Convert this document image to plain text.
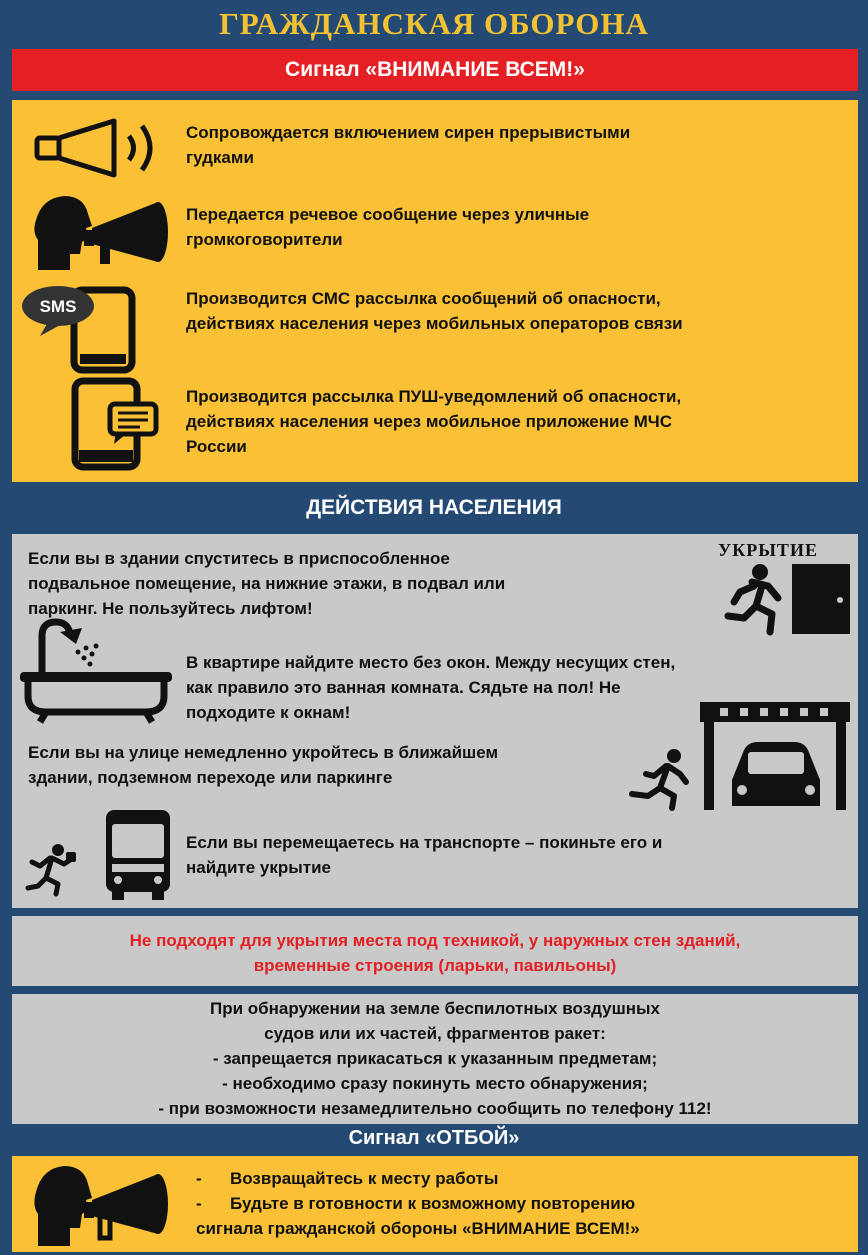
ГРАЖДАНСКАЯ ОБОРОНА
Сигнал «ВНИМАНИЕ ВСЕМ!»
Сопровождается включением сирен прерывистыми
гудками
Передается речевое сообщение через уличные
громкоговорители
SMS	Производится СМС рассылка сообщений об опасности,
действиях населения через мобильных операторов связи
Производится рассылка ПУШ-уведомлений об опасности,
действиях населения через мобильное приложение МЧС
России
ДЕЙСТВИЯ НАСЕЛЕНИЯ
УКРЫТИЕ
Если вы в здании спуститесь в приспособленное
подвальное помещение, на нижние этажи, в подвал или
паркинг. Не пользуйтесь лифтом!
В квартире найдите место без окон. Между несущих стен,
как правило это ванная комната. Сядьте на пол! Не
подходите к окнам!
Если вы на улице немедленно укройтесь в ближайшем
здании, подземном переходе или паркинге
Если вы перемещаетесь на транспорте – покиньте его и
найдите укрытие
Не подходят для укрытия места под техникой, у наружных стен зданий,
временные строения (ларьки, павильоны)
При обнаружении на земле беспилотных воздушных
судов или их частей, фрагментов ракет:
- запрещается прикасаться к указанным предметам;
- необходимо сразу покинуть место обнаружения;
- при возможности незамедлительно сообщить по телефону 112!
Сигнал «ОТБОЙ»
-	Возвращайтесь к месту работы
-	Будьте в готовности к возможному повторению
сигнала гражданской обороны «ВНИМАНИЕ ВСЕМ!»
